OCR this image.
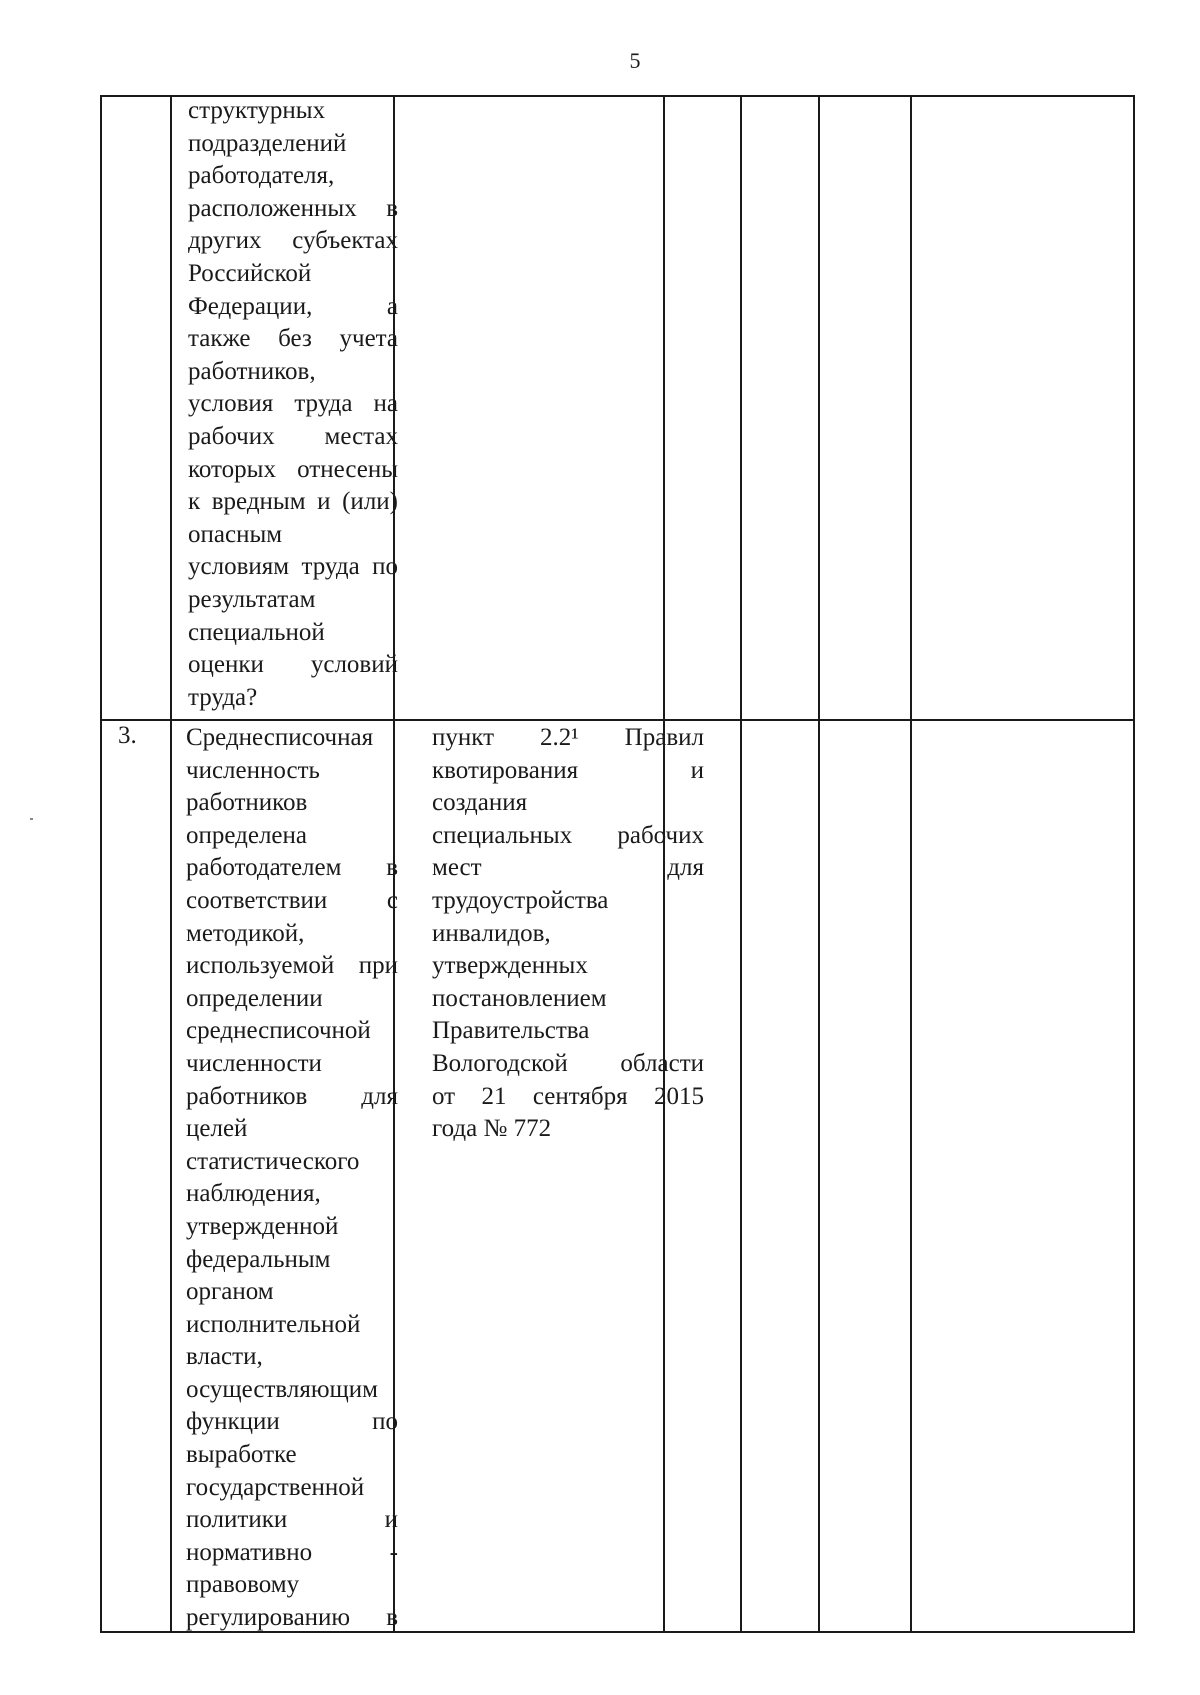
5
структурных
подразделений
работодателя,
расположенных в
других субъектах
Российской
Федерации, а
также без учета
работников,
условия труда на
рабочих местах
которых отнесены
к вредным и (или)
опасным
условиям труда по
результатам
специальной
оценки условий
труда?
3. Среднесписочная
численность
работников
определена
работодателем в
соответствии с
методикой,
используемой при
определении
среднесписочной
численности
работников для
целей
статистического
наблюдения,
утвержденной
федеральным
органом
исполнительной
власти,
осуществляющим
функции по
выработке
государственной
политики и
нормативно -
правовому
регулированию в
пункт 2.2¹ Правил
квотирования и
создания
специальных рабочих
мест для
трудоустройства
инвалидов,
утвержденных
постановлением
Правительства
Вологодской области
от 21 сентября 2015
года № 772
